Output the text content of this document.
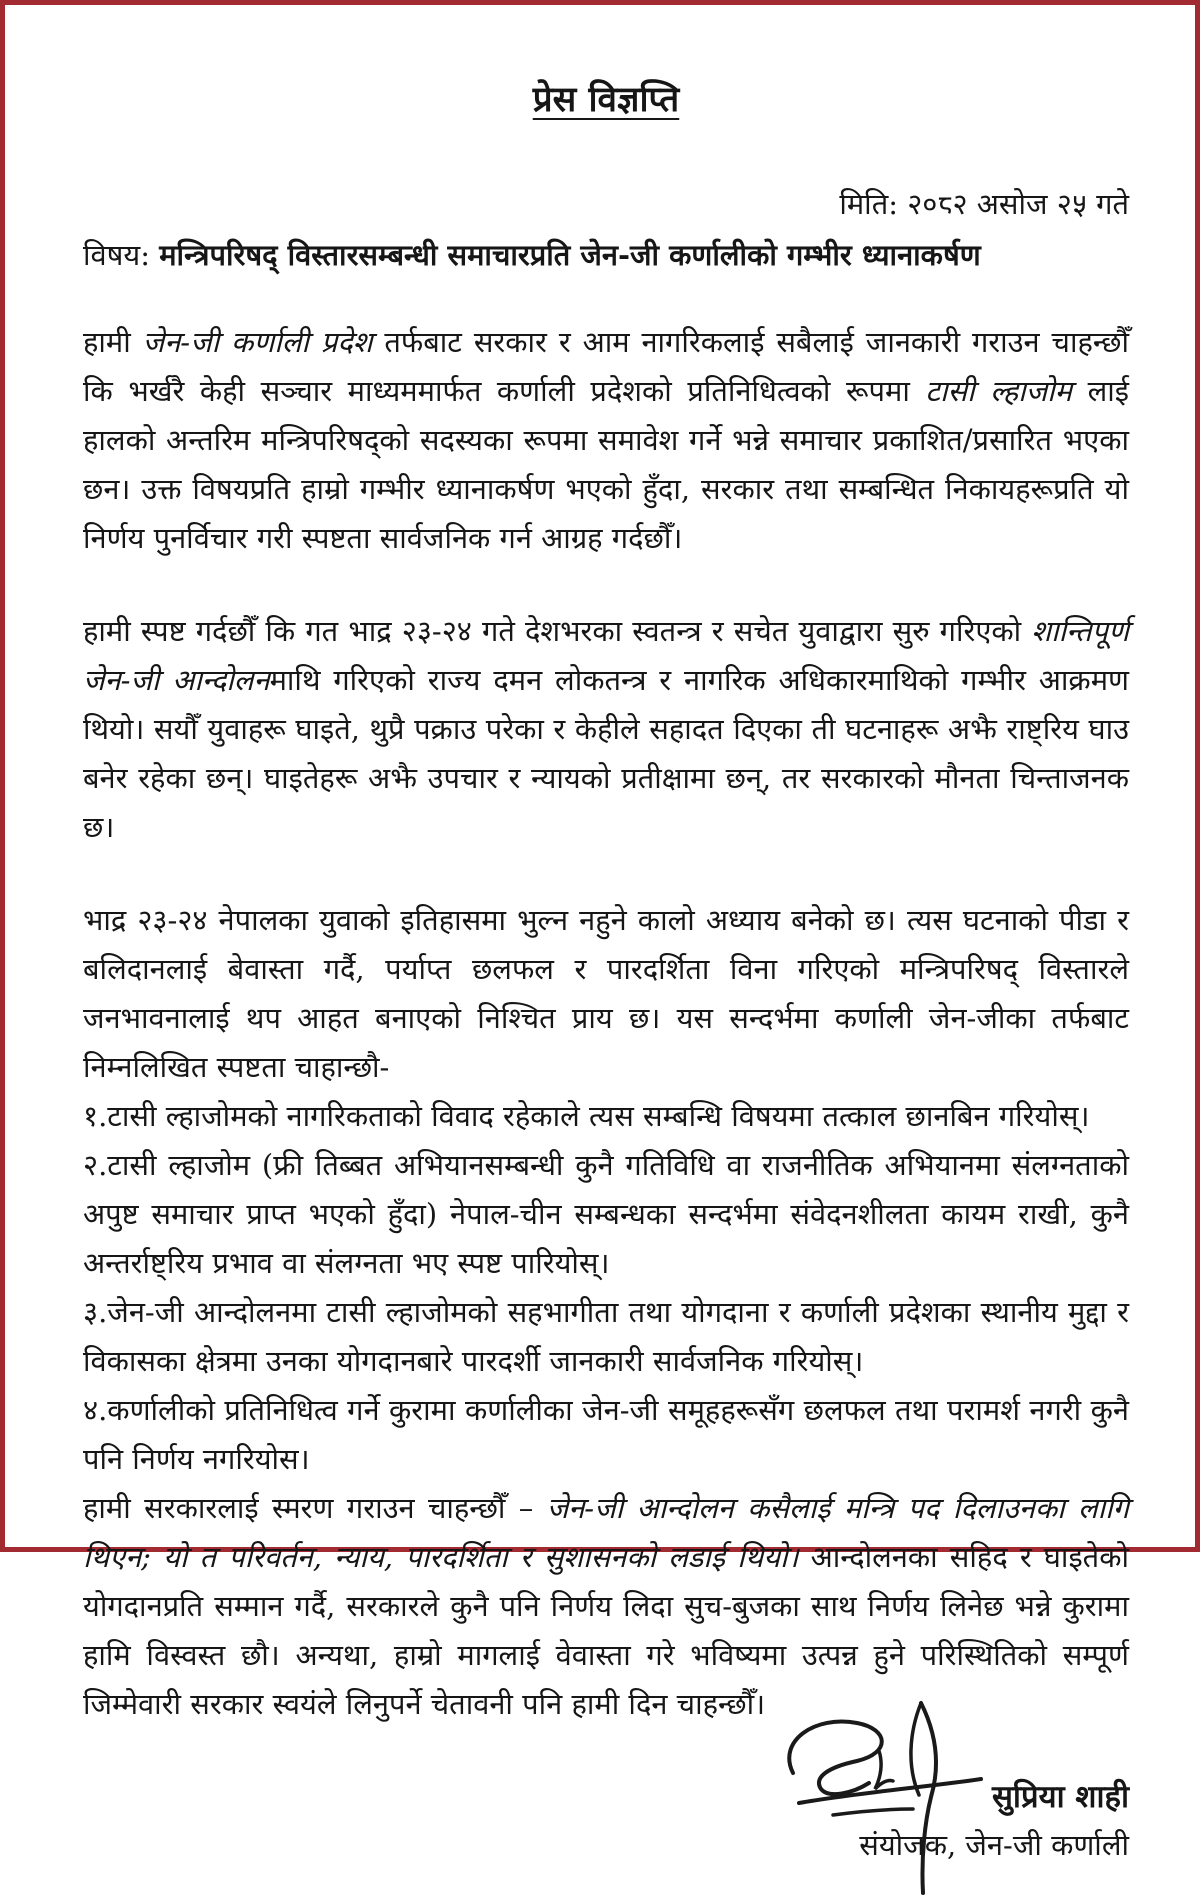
प्रेस विज्ञप्ति
मिति: २०८२ असोज २५ गते
विषय: मन्त्रिपरिषद् विस्तारसम्बन्धी समाचारप्रति जेन-जी कर्णालीको गम्भीर ध्यानाकर्षण

हामी जेन-जी कर्णाली प्रदेश तर्फबाट सरकार र आम नागरिकलाई सबैलाई जानकारी गराउन चाहन्छौँ कि भर्खरै केही सञ्चार माध्यममार्फत कर्णाली प्रदेशको प्रतिनिधित्वको रूपमा टासी ल्हाजोम लाई हालको अन्तरिम मन्त्रिपरिषद्को सदस्यका रूपमा समावेश गर्ने भन्ने समाचार प्रकाशित/प्रसारित भएका छन। उक्त विषयप्रति हाम्रो गम्भीर ध्यानाकर्षण भएको हुँदा, सरकार तथा सम्बन्धित निकायहरूप्रति यो निर्णय पुनर्विचार गरी स्पष्टता सार्वजनिक गर्न आग्रह गर्दछौँ।

हामी स्पष्ट गर्दछौँ कि गत भाद्र २३-२४ गते देशभरका स्वतन्त्र र सचेत युवाद्वारा सुरु गरिएको शान्तिपूर्ण जेन-जी आन्दोलनमाथि गरिएको राज्य दमन लोकतन्त्र र नागरिक अधिकारमाथिको गम्भीर आक्रमण थियो। सयौँ युवाहरू घाइते, थुप्रै पक्राउ परेका र केहीले सहादत दिएका ती घटनाहरू अझै राष्ट्रिय घाउ बनेर रहेका छन्। घाइतेहरू अझै उपचार र न्यायको प्रतीक्षामा छन्, तर सरकारको मौनता चिन्ताजनक छ।

भाद्र २३-२४ नेपालका युवाको इतिहासमा भुल्न नहुने कालो अध्याय बनेको छ। त्यस घटनाको पीडा र बलिदानलाई बेवास्ता गर्दै, पर्याप्त छलफल र पारदर्शिता विना गरिएको मन्त्रिपरिषद् विस्तारले जनभावनालाई थप आहत बनाएको निश्चित प्राय छ। यस सन्दर्भमा कर्णाली जेन-जीका तर्फबाट निम्नलिखित स्पष्टता चाहान्छौ-

१.टासी ल्हाजोमको नागरिकताको विवाद रहेकाले त्यस सम्बन्धि विषयमा तत्काल छानबिन गरियोस्।

२.टासी ल्हाजोम (फ्री तिब्बत अभियानसम्बन्धी कुनै गतिविधि वा राजनीतिक अभियानमा संलग्नताको अपुष्ट समाचार प्राप्त भएको हुँदा) नेपाल-चीन सम्बन्धका सन्दर्भमा संवेदनशीलता कायम राखी, कुनै अन्तर्राष्ट्रिय प्रभाव वा संलग्नता भए स्पष्ट पारियोस्।

३.जेन-जी आन्दोलनमा टासी ल्हाजोमको सहभागीता तथा योगदाना र कर्णाली प्रदेशका स्थानीय मुद्दा र विकासका क्षेत्रमा उनका योगदानबारे पारदर्शी जानकारी सार्वजनिक गरियोस्।

४.कर्णालीको प्रतिनिधित्व गर्ने कुरामा कर्णालीका जेन-जी समूहहरूसँग छलफल तथा परामर्श नगरी कुनै पनि निर्णय नगरियोस।

हामी सरकारलाई स्मरण गराउन चाहन्छौँ – जेन-जी आन्दोलन कसैलाई मन्त्रि पद दिलाउनका लागि थिएन; यो त परिवर्तन, न्याय, पारदर्शिता र सुशासनको लडाई थियो। आन्दोलनका सहिद र घाइतेको योगदानप्रति सम्मान गर्दै, सरकारले कुनै पनि निर्णय लिदा सुच-बुजका साथ निर्णय लिनेछ भन्ने कुरामा हामि विस्वस्त छौ। अन्यथा, हाम्रो मागलाई वेवास्ता गरे भविष्यमा उत्पन्न हुने परिस्थितिको सम्पूर्ण जिम्मेवारी सरकार स्वयंले लिनुपर्ने चेतावनी पनि हामी दिन चाहन्छौँ।

सुप्रिया शाही
संयोजक, जेन-जी कर्णाली
